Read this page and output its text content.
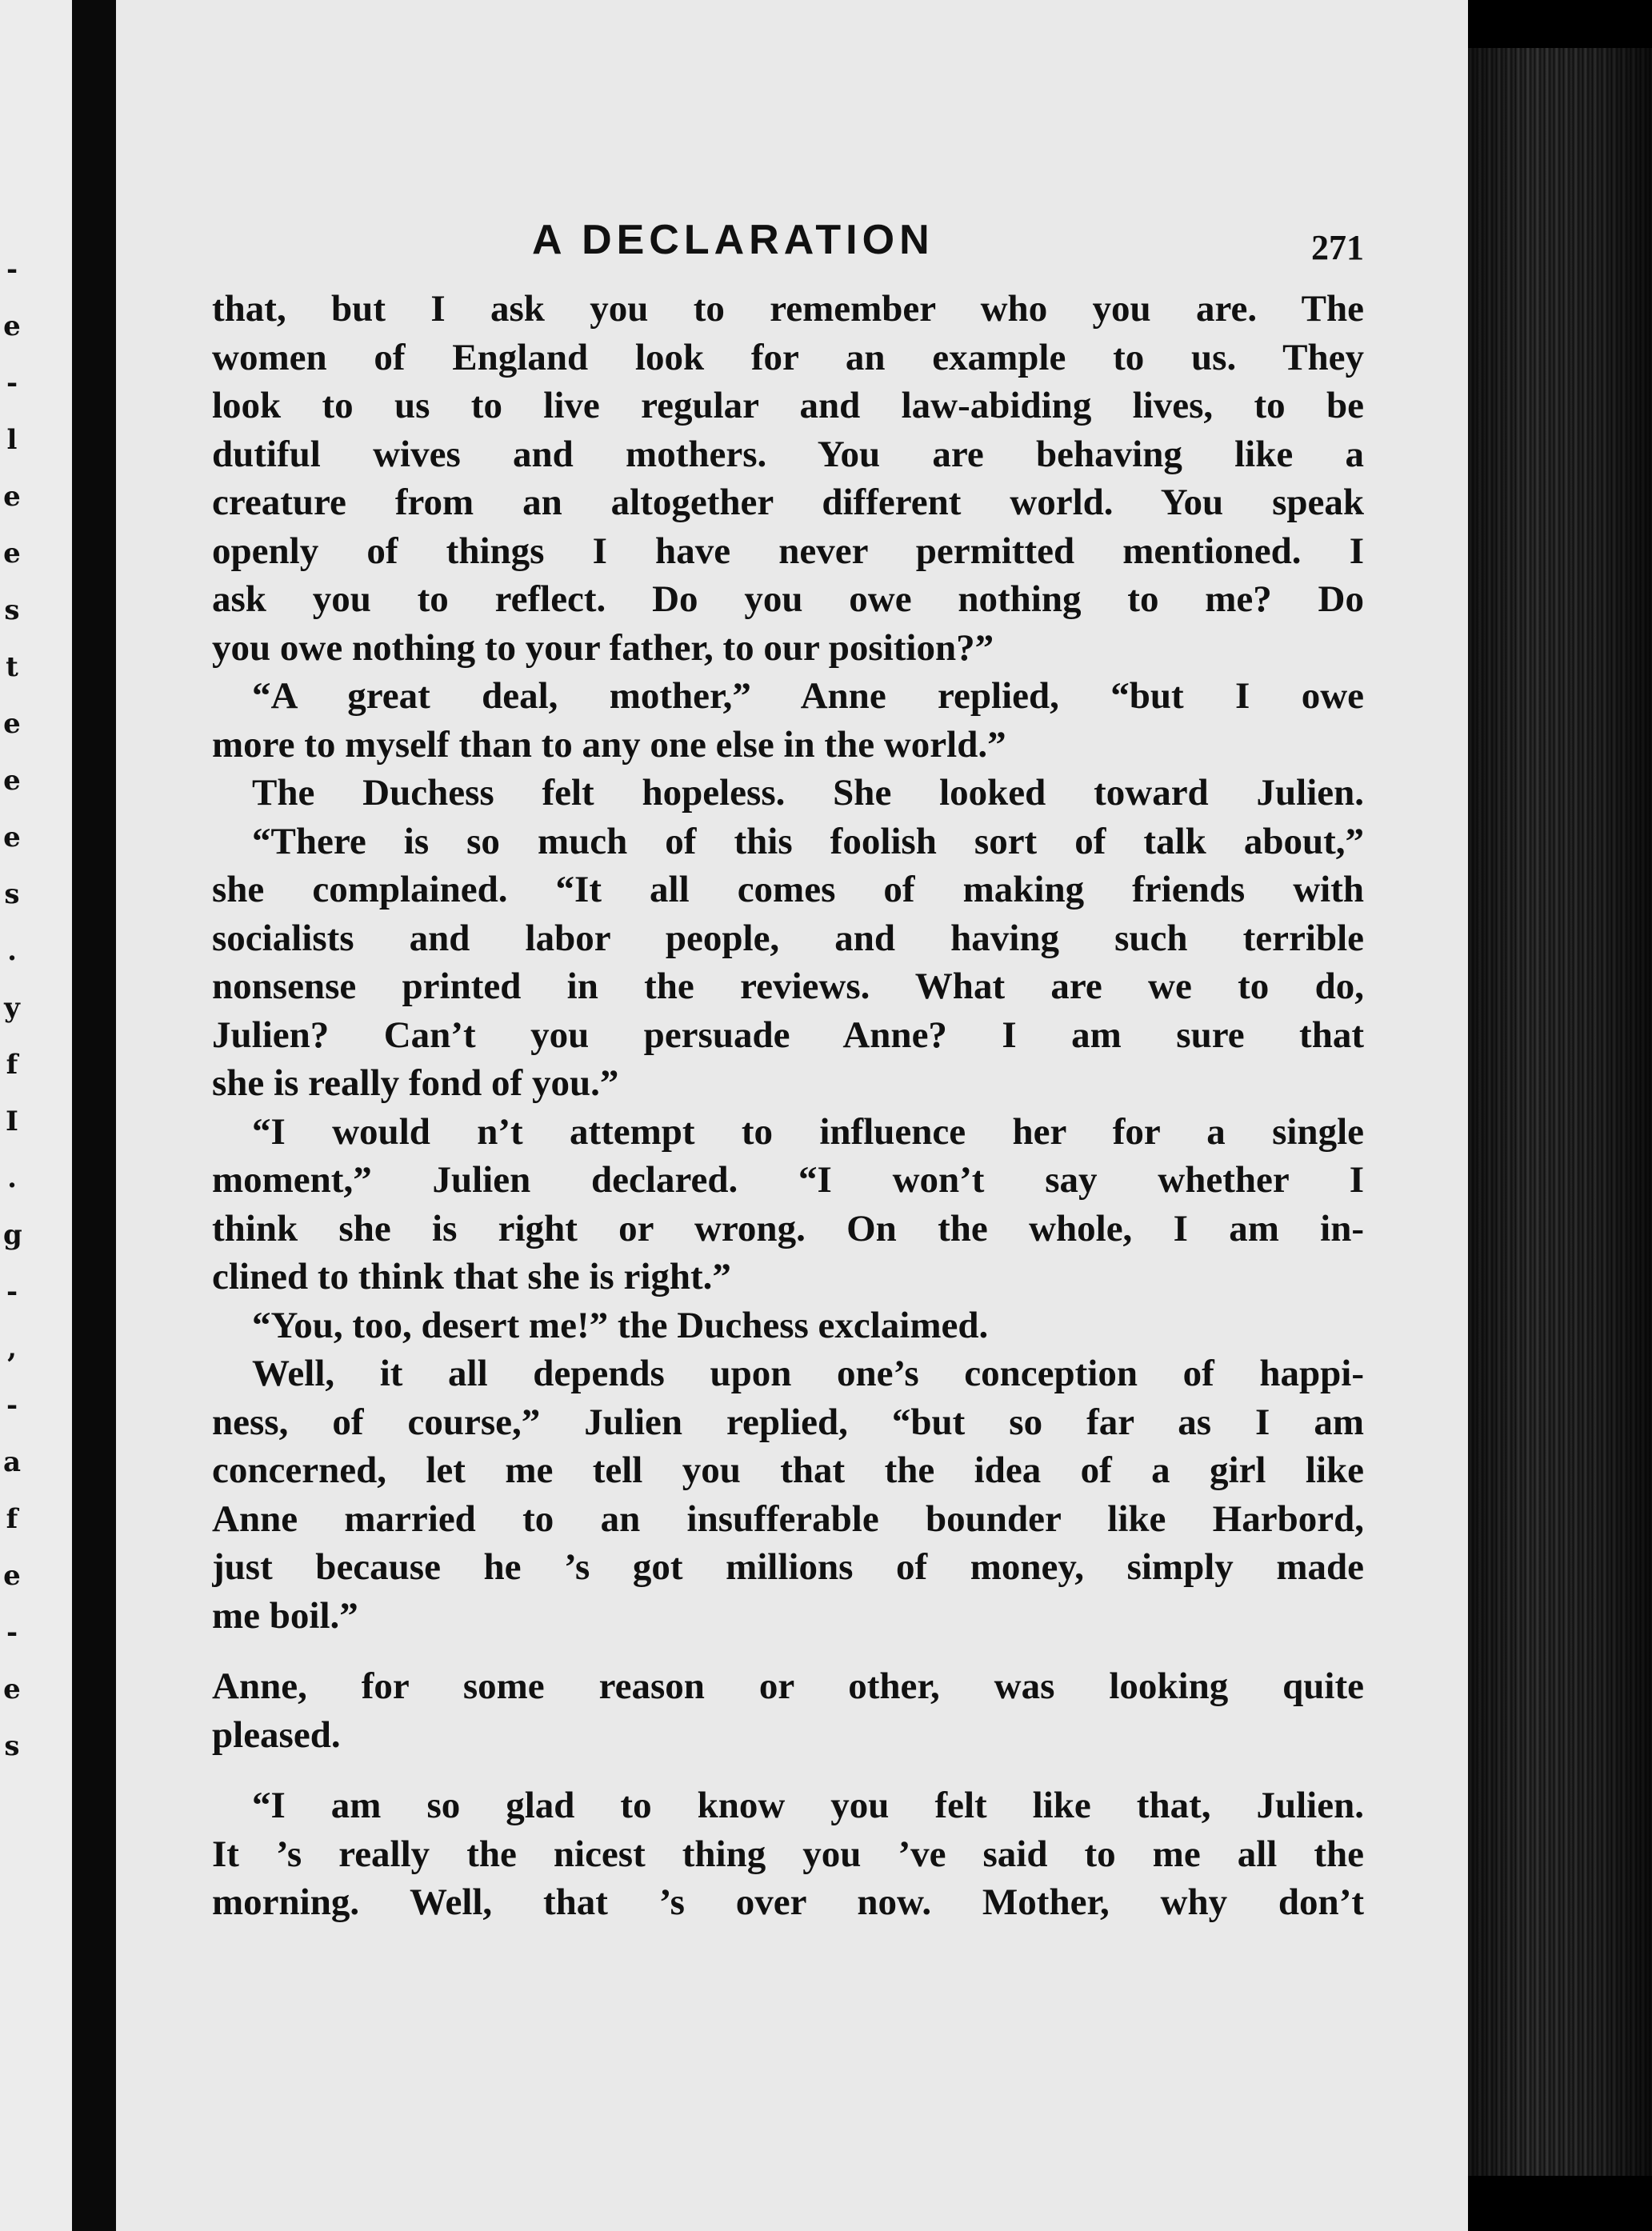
-
e
-
l
e
e
s
t
e
e
e
s
.
y
f
I
.
g
-
,
-
a
f
e
-
e
s
A DECLARATION	271
that, but I ask you to remember who you are. The
women of England look for an example to us. They
look to us to live regular and law-abiding lives, to be
dutiful wives and mothers. You are behaving like a
creature from an altogether different world. You speak
openly of things I have never permitted mentioned. I
ask you to reflect. Do you owe nothing to me? Do
you owe nothing to your father, to our position?”
“A great deal, mother,” Anne replied, “but I owe
more to myself than to any one else in the world.”
The Duchess felt hopeless. She looked toward Julien.
“There is so much of this foolish sort of talk about,”
she complained. “It all comes of making friends with
socialists and labor people, and having such terrible
nonsense printed in the reviews. What are we to do,
Julien? Can’t you persuade Anne? I am sure that
she is really fond of you.”
“I would n’t attempt to influence her for a single
moment,” Julien declared. “I won’t say whether I
think she is right or wrong. On the whole, I am in-
clined to think that she is right.”
“You, too, desert me!” the Duchess exclaimed.
Well, it all depends upon one’s conception of happi-
ness, of course,” Julien replied, “but so far as I am
concerned, let me tell you that the idea of a girl like
Anne married to an insufferable bounder like Harbord,
just because he ’s got millions of money, simply made
me boil.”
Anne, for some reason or other, was looking quite
pleased.
“I am so glad to know you felt like that, Julien.
It ’s really the nicest thing you ’ve said to me all the
morning. Well, that ’s over now. Mother, why don’t
